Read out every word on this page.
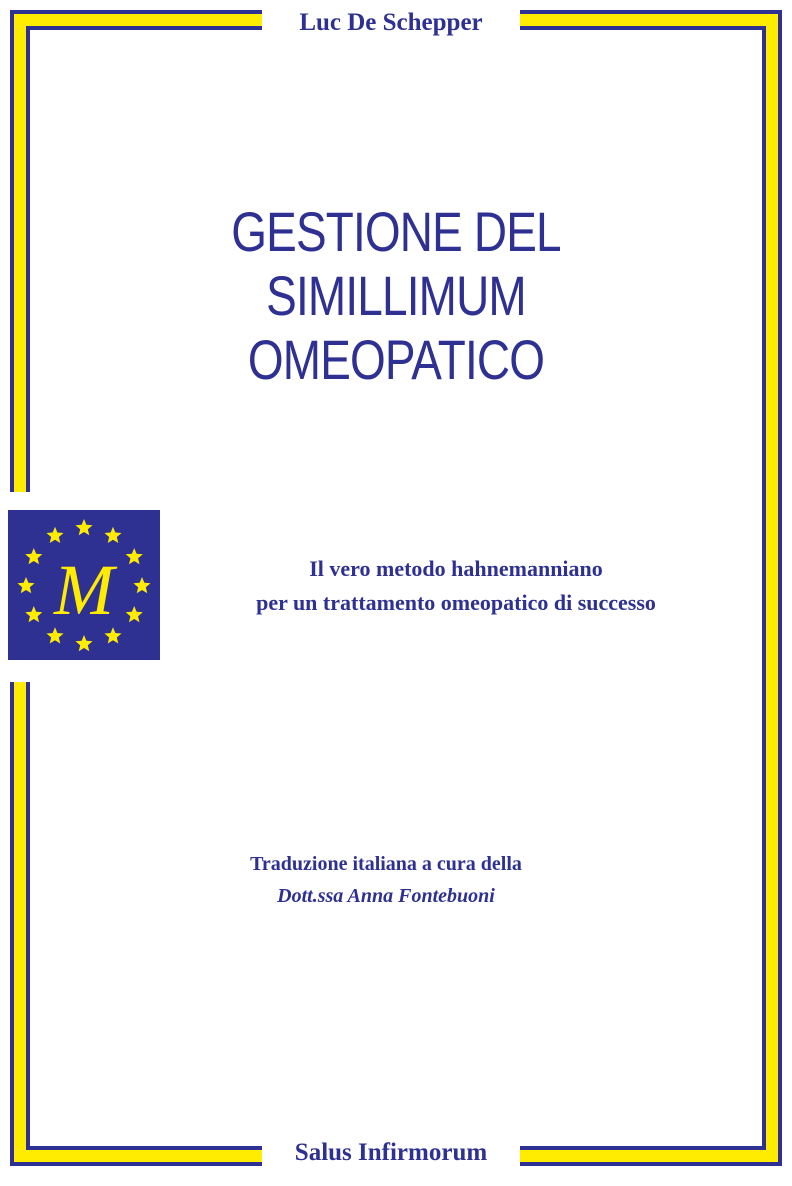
Luc De Schepper
GESTIONE DEL SIMILLIMUM
OMEOPATICO
M	Il vero metodo hahnemanniano
per un trattamento omeopatico di successo
Traduzione italiana a cura della
Dott.ssa Anna Fontebuoni
Salus Infirmorum
